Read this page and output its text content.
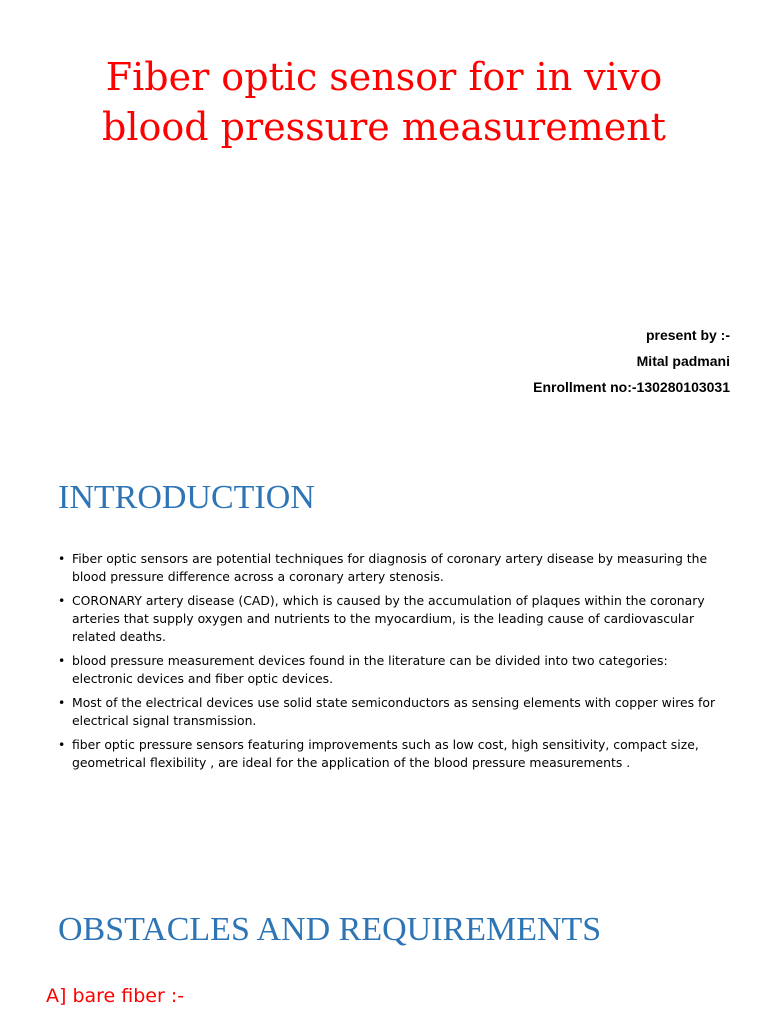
Fiber optic sensor for in vivo
blood pressure measurement
present by :-
Mital padmani
Enrollment no:-130280103031
INTRODUCTION
• Fiber optic sensors are potential techniques for diagnosis of coronary artery disease by measuring the blood pressure difference across a coronary artery stenosis.
• CORONARY artery disease (CAD), which is caused by the accumulation of plaques within the coronary arteries that supply oxygen and nutrients to the myocardium, is the leading cause of cardiovascular related deaths.
• blood pressure measurement devices found in the literature can be divided into two categories: electronic devices and fiber optic devices.
• Most of the electrical devices use solid state semiconductors as sensing elements with copper wires for electrical signal transmission.
• fiber optic pressure sensors featuring improvements such as low cost, high sensitivity, compact size, geometrical flexibility , are ideal for the application of the blood pressure measurements .
OBSTACLES AND REQUIREMENTS
A] bare fiber :-
